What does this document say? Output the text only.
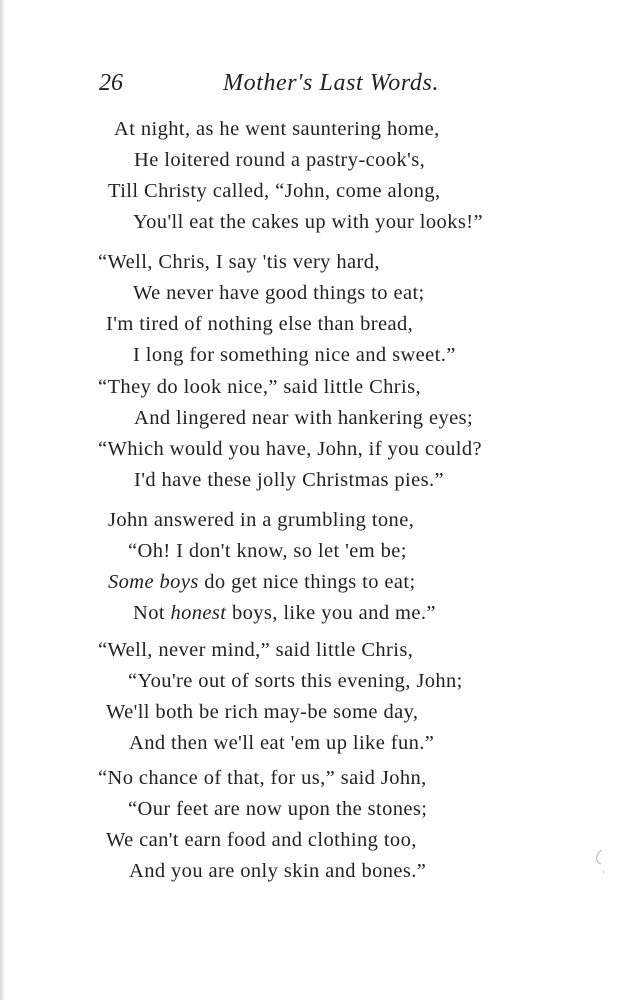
26	Mother's Last Words.
At night, as he went sauntering home,
He loitered round a pastry-cook's,
Till Christy called, “John, come along,
You'll eat the cakes up with your looks!”
“Well, Chris, I say 'tis very hard,
We never have good things to eat;
I'm tired of nothing else than bread,
I long for something nice and sweet.”
“They do look nice,” said little Chris,
And lingered near with hankering eyes;
“Which would you have, John, if you could?
I'd have these jolly Christmas pies.”
John answered in a grumbling tone,
“Oh! I don't know, so let 'em be;
Some boys do get nice things to eat;
Not honest boys, like you and me.”
“Well, never mind,” said little Chris,
“You're out of sorts this evening, John;
We'll both be rich may-be some day,
And then we'll eat 'em up like fun.”
“No chance of that, for us,” said John,
“Our feet are now upon the stones;
We can't earn food and clothing too,
And you are only skin and bones.”
